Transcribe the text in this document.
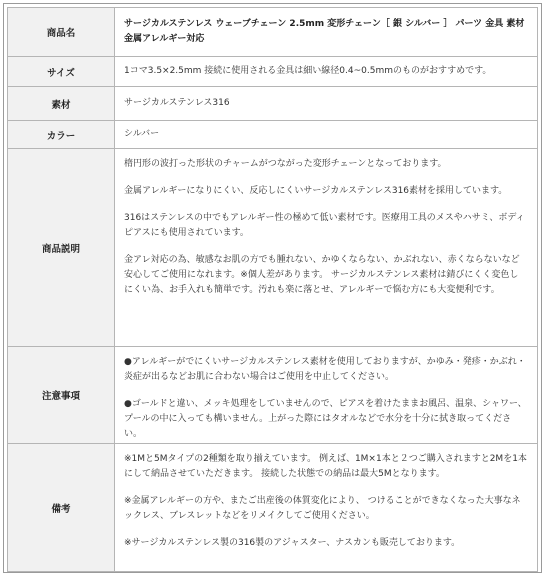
商品名	サージカルステンレス ウェーブチェーン 2.5mm 変形チェーン［ 銀 シルバー ］ パーツ 金具 素材 金属アレルギー対応
サイズ	1コマ3.5×2.5mm 接続に使用される金具は細い線径0.4~0.5mmのものがおすすめです。
素材	サージカルステンレス316
カラー	シルバー
商品説明	楕円形の波打った形状のチャームがつながった変形チェーンとなっております。

金属アレルギーになりにくい、反応しにくいサージカルステンレス316素材を採用しています。

316はステンレスの中でもアレルギー性の極めて低い素材です。医療用工具のメスやハサミ、ボディピアスにも使用されています。

金アレ対応の為、敏感なお肌の方でも腫れない、かゆくならない、かぶれない、赤くならないなど安心してご使用になれます。※個人差があります。 サージカルステンレス素材は錆びにくく変色しにくい為、お手入れも簡単です。汚れも楽に落とせ、アレルギーで悩む方にも大変便利です。

注意事項	●アレルギーがでにくいサージカルステンレス素材を使用しておりますが、かゆみ・発疹・かぶれ・炎症が出るなどお肌に合わない場合はご使用を中止してください。

●ゴールドと違い、メッキ処理をしていませんので、ピアスを着けたままお風呂、温泉、シャワー、プールの中に入っても構いません。上がった際にはタオルなどで水分を十分に拭き取ってください。

備考	※1Mと5Mタイプの2種類を取り揃えています。 例えば、1M×1本と２つご購入されますと2Mを1本にして納品させていただきます。 接続した状態での納品は最大5Mとなります。

※金属アレルギーの方や、またご出産後の体質変化により、 つけることができなくなった大事なネックレス、ブレスレットなどをリメイクしてご使用ください。

※サージカルステンレス製の316製のアジャスター、ナスカンも販売しております。
